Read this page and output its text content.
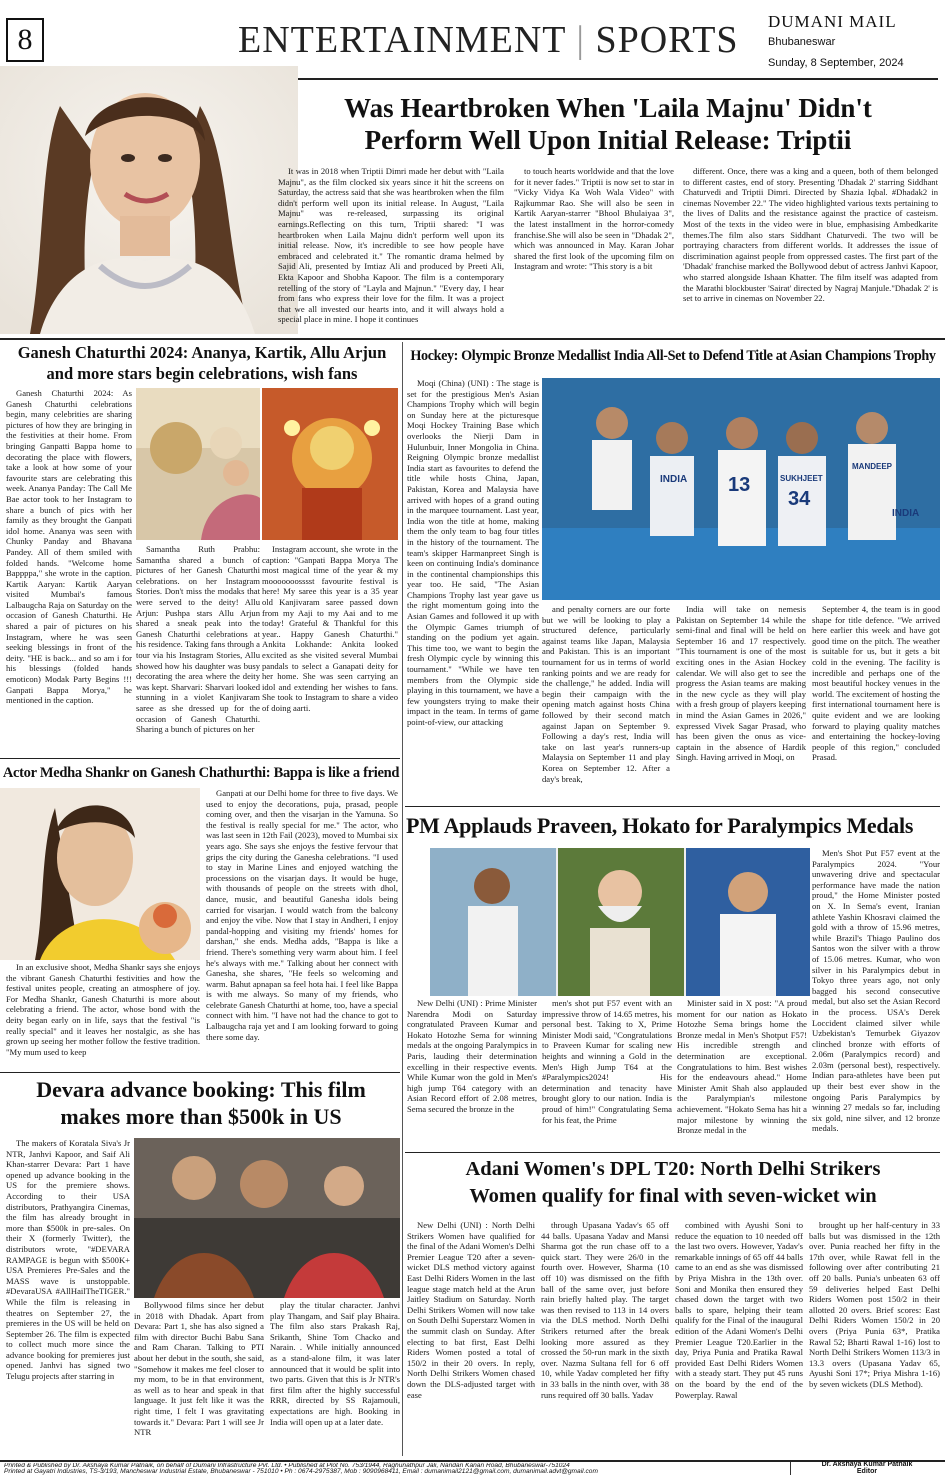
8	ENTERTAINMENT | SPORTS DUMANI MAIL
Bhubaneswar
Sunday, 8 September, 2024
Was Heartbroken When 'Laila Majnu' Didn't
Perform Well Upon Initial Release: Triptii

It was in 2018 when Triptii Dimri made her debut with "Laila Majnu", as the film clocked six years since it hit the screens on Saturday, the actress said that she was heartbroken when the film didn't perform well upon its initial release. In August, "Laila Majnu" was re-released, surpassing its original earnings.Reflecting on this turn, Triptii shared: "I was heartbroken when Laila Majnu didn't perform well upon its initial release. Now, it's incredible to see how people have embraced and celebrated it." The romantic drama helmed by Sajid Ali, presented by Imtiaz Ali and produced by Preeti Ali, Ekta Kapoor and Shobha Kapoor. The film is a contemporary retelling of the story of "Layla and Majnun." "Every day, I hear from fans who express their love for the film. It was a project that we all invested our hearts into, and it will always hold a special place in mine. I hope it continues

to touch hearts worldwide and that the love for it never fades." Triptii is now set to star in "Vicky Vidya Ka Woh Wala Video" with Rajkummar Rao. She will also be seen in Kartik Aaryan-starrer "Bhool Bhulaiyaa 3", the latest installment in the horror-comedy franchise.She will also be seen in "Dhadak 2", which was announced in May. Karan Johar shared the first look of the upcoming film on Instagram and wrote: "This story is a bit

different. Once, there was a king and a queen, both of them belonged to different castes, end of story. Presenting 'Dhadak 2' starring Siddhant Chaturvedi and Triptii Dimri. Directed by Shazia Iqbal. #Dhadak2 in cinemas November 22." The video highlighted various texts pertaining to the lives of Dalits and the resistance against the practice of casteism. Most of the texts in the video were in blue, emphasising Ambedkarite themes.The film also stars Siddhant Chaturvedi. The two will be portraying characters from different worlds. It addresses the issue of discrimination against people from oppressed castes. The first part of the 'Dhadak' franchise marked the Bollywood debut of actress Janhvi Kapoor, who starred alongside Ishaan Khatter. The film itself was adapted from the Marathi blockbuster 'Sairat' directed by Nagraj Manjule."Dhadak 2' is set to arrive in cinemas on November 22.

Ganesh Chaturthi 2024: Ananya, Kartik, Allu Arjun
and more stars begin celebrations, wish fans

Ganesh Chaturthi 2024: As Ganesh Chaturthi celebrations begin, many celebrities are sharing pictures of how they are bringing in the festivities at their home. From bringing Ganpatti Bappa home to decorating the place with flowers, take a look at how some of your favourite stars are celebrating this week. Ananya Panday: The Call Me Bae actor took to her Instagram to share a bunch of pics with her family as they brought the Ganpati idol home. Ananya was seen with Chunky Panday and Bhavana Pandey. All of them smiled with folded hands. "Welcome home Bappppa," she wrote in the caption. Kartik Aaryan: Kartik Aaryan visited Mumbai's famous Lalbaugcha Raja on Saturday on the occasion of Ganesh Chaturthi. He shared a pair of pictures on his Instagram, where he was seen seeking blessings in front of the deity. "HE is back... and so am i for his blessings (folded hands emoticon) Modak Party Begins !!! Ganpati Bappa Morya," he mentioned in the caption.

Samantha Ruth Prabhu: Samantha shared a bunch of pictures of her Ganesh Chaturthi celebrations. on her Instagram Stories. Don't miss the modaks that were served to the deity! Allu Arjun: Pushpa stars Allu Arjun shared a sneak peak into the Ganesh Chaturthi celebrations at his residence. Taking fans through a tour via his Instagram Stories, Allu showed how his daughter was busy decorating the area where the deity was kept. Sharvari: Sharvari looked stunning in a violet Kanjivaram saree as she dressed up for the occasion of Ganesh Chaturthi. Sharing a bunch of pictures on her

Instagram account, she wrote in the caption: "Ganpati Bappa Morya The most magical time of the year & my mooooooosssst favourite festival is here! My saree this year is a 35 year old Kanjivaram saree passed down from my Aaji to my Aai and to me today! Grateful & Thankful for this year.. Happy Ganesh Chaturthi." Ankita Lokhande: Ankita looked excited as she visited several Mumbai pandals to select a Ganapati deity for her home. She was seen carrying an idol and extending her wishes to fans. She took to Instagram to share a video of doing aarti.

Actor Medha Shankr on Ganesh Chathurthi: Bappa is like a friend

In an exclusive shoot, Medha Shankr says she enjoys the vibrant Ganesh Chaturthi festivities and how the festival unites people, creating an atmosphere of joy. For Medha Shankr, Ganesh Chaturthi is more about celebrating a friend. The actor, whose bond with the deity began early on in life, says that the festival "is really special" and it leaves her nostalgic, as she has grown up seeing her mother follow the festive tradition. "My mum used to keep

Ganpati at our Delhi home for three to five days. We used to enjoy the decorations, puja, prasad, people coming over, and then the visarjan in the Yamuna. So the festival is really special for me." The actor, who was last seen in 12th Fail (2023), moved to Mumbai six years ago. She says she enjoys the festive fervour that grips the city during the Ganesha celebrations. "I used to stay in Marine Lines and enjoyed watching the processions on the visarjan days. It would be huge, with thousands of people on the streets with dhol, dance, music, and beautiful Ganesha idols being carried for visarjan. I would watch from the balcony and enjoy the vibe. Now that I stay in Andheri, I enjoy pandal-hopping and visiting my friends' homes for darshan," she ends. Medha adds, "Bappa is like a friend. There's something very warm about him. I feel he's always with me." Talking about her connect with Ganesha, she shares, "He feels so welcoming and warm. Bahut apnapan sa feel hota hai. I feel like Bappa is with me always. So many of my friends, who celebrate Ganesh Chaturthi at home, too, have a special connect with him. "I have not had the chance to got to Lalbaugcha raja yet and I am looking forward to going there some day.

Devara advance booking: This film
makes more than $500k in US

The makers of Koratala Siva's Jr NTR, Janhvi Kapoor, and Saif Ali Khan-starrer Devara: Part 1 have opened up advance booking in the US for the premiere shows. According to their USA distributors, Prathyangira Cinemas, the film has already brought in more than $500k in pre-sales. On their X (formerly Twitter), the distributors wrote, "#DEVARA RAMPAGE is begun with $500K+ USA Premieres Pre-Sales and the MASS wave is unstoppable. #DevaraUSA #AllHailTheTIGER." While the film is releasing in theatres on September 27, the premieres in the US will be held on September 26. The film is expected to collect much more since the advance booking for premieres just opened. Janhvi has signed two Telugu projects after starring in

Bollywood films since her debut in 2018 with Dhadak. Apart from Devara: Part 1, she has also signed a film with director Buchi Babu Sana and Ram Charan. Talking to PTI about her debut in the south, she said, "Somehow it makes me feel closer to my mom, to be in that environment, as well as to hear and speak in that language. It just felt like it was the right time, I felt I was gravitating towards it." Devara: Part 1 will see Jr NTR

play the titular character. Janhvi play Thangam, and Saif play Bhaira. The film also stars Prakash Raj, Srikanth, Shine Tom Chacko and Narain. . While initially announced as a stand-alone film, it was later announced that it would be split into two parts. Given that this is Jr NTR's first film after the highly successful RRR, directed by SS Rajamouli, expectations are high. Booking in India will open up at a later date.

Hockey: Olympic Bronze Medallist India All-Set to Defend Title at Asian Champions Trophy

Moqi (China) (UNI) : The stage is set for the prestigious Men's Asian Champions Trophy which will begin on Sunday here at the picturesque Moqi Hockey Training Base which overlooks the Nierji Dam in Hulunbuir, Inner Mongolia in China. Reigning Olympic bronze medallist India start as favourites to defend the title while hosts China, Japan, Pakistan, Korea and Malaysia have arrived with hopes of a grand outing in the marquee tournament. Last year, India won the title at home, making them the only team to bag four titles in the history of the tournament. The team's skipper Harmanpreet Singh is keen on continuing India's dominance in the continental championships this year too. He said, "The Asian Champions Trophy last year gave us the right momentum going into the Asian Games and followed it up with the Olympic Games triumph of standing on the podium yet again. This time too, we want to begin the fresh Olympic cycle by winning this tournament." "While we have ten members from the Olympic side playing in this tournament, we have a few youngsters trying to make their impact in the team. In terms of game point-of-view, our attacking

INDIA 13	SUKHJEET
34
MANDEEP
INDIA

and penalty corners are our forte but we will be looking to play a structured defence, particularly against teams like Japan, Malaysia and Pakistan. This is an important tournament for us in terms of world ranking points and we are ready for the challenge," he added. India will begin their campaign with the opening match against hosts China followed by their second match against Japan on September 9. Following a day's rest, India will take on last year's runners-up Malaysia on September 11 and play Korea on September 12. After a day's break,

India will take on nemesis Pakistan on September 14 while the semi-final and final will be held on September 16 and 17 respectively. "This tournament is one of the most exciting ones in the Asian Hockey calendar. We will also get to see the progress the Asian teams are making in the new cycle as they will play with a fresh group of players keeping in mind the Asian Games in 2026," expressed Vivek Sagar Prasad, who has been given the onus as vice-captain in the absence of Hardik Singh. Having arrived in Moqi, on

September 4, the team is in good shape for title defence. "We arrived here earlier this week and have got good time on the pitch. The weather is suitable for us, but it gets a bit cold in the evening. The facility is incredible and perhaps one of the most beautiful hockey venues in the world. The excitement of hosting the first international tournament here is quite evident and we are looking forward to playing quality matches and entertaining the hockey-loving people of this region," concluded Prasad.

PM Applauds Praveen, Hokato for Paralympics Medals

New Delhi (UNI) : Prime Minister Narendra Modi on Saturday congratulated Praveen Kumar and Hokato Hotozhe Sema for winning medals at the ongoing Paralympics in Paris, lauding their determination excelling in their respective events. While Kumar won the gold in Men's high jump T64 category with an Asian Record effort of 2.08 metres, Sema secured the bronze in the

men's shot put F57 event with an impressive throw of 14.65 metres, his personal best. Taking to X, Prime Minister Modi said, "Congratulations to Praveen Kumar for scaling new heights and winning a Gold in the Men's High Jump T64 at the #Paralympics2024! His determination and tenacity have brought glory to our nation. India is proud of him!" Congratulating Sema for his feat, the Prime

Minister said in X post: "A proud moment for our nation as Hokato Hotozhe Sema brings home the Bronze medal in Men's Shotput F57! His incredible strength and determination are exceptional. Congratulations to him. Best wishes for the endeavours ahead." Home Minister Amit Shah also applauded the Paralympian's milestone achievement. "Hokato Sema has hit a major milestone by winning the Bronze medal in the

Men's Shot Put F57 event at the Paralympics 2024. "Your unwavering drive and spectacular performance have made the nation proud," the Home Minister posted on X. In Sema's event, Iranian athlete Yashin Khosravi claimed the gold with a throw of 15.96 metres, while Brazil's Thiago Paulino dos Santos won the silver with a throw of 15.06 metres. Kumar, who won silver in his Paralympics debut in Tokyo three years ago, not only bagged his second consecutive medal, but also set the Asian Record in the process. USA's Derek Loccident claimed silver while Uzbekistan's Temurbek Giyazov clinched bronze with efforts of 2.06m (Paralympics record) and 2.03m (personal best), respectively. Indian para-athletes have been put up their best ever show in the ongoing Paris Paralympics by winning 27 medals so far, including six gold, nine silver, and 12 bronze medals.

Adani Women's DPL T20: North Delhi Strikers
Women qualify for final with seven-wicket win

New Delhi (UNI) : North Delhi Strikers Women have qualified for the final of the Adani Women's Delhi Premier League T20 after a seven-wicket DLS method victory against East Delhi Riders Women in the last league stage match held at the Arun Jaitley Stadium on Saturday. North Delhi Strikers Women will now take on South Delhi Superstarz Women in the summit clash on Sunday. After electing to bat first, East Delhi Riders Women posted a total of 150/2 in their 20 overs. In reply, North Delhi Strikers Women chased down the DLS-adjusted target with ease

through Upasana Yadav's 65 off 44 balls. Upasana Yadav and Mansi Sharma got the run chase off to a quick start. They were 26/0 in the fourth over. However, Sharma (10 off 10) was dismissed on the fifth ball of the same over, just before rain briefly halted play. The target was then revised to 113 in 14 overs via the DLS method. North Delhi Strikers returned after the break looking more assured as they crossed the 50-run mark in the sixth over. Nazma Sultana fell for 6 off 10, while Yadav completed her fifty in 33 balls in the ninth over, with 38 runs required off 30 balls. Yadav

combined with Ayushi Soni to reduce the equation to 10 needed off the last two overs. However, Yadav's remarkable innings of 65 off 44 balls came to an end as she was dismissed by Priya Mishra in the 13th over. Soni and Monika then ensured they chased down the target with two balls to spare, helping their team qualify for the Final of the inaugural edition of the Adani Women's Delhi Premier League T20.Earlier in the day, Priya Punia and Pratika Rawal provided East Delhi Riders Women with a steady start. They put 45 runs on the board by the end of the Powerplay. Rawal

brought up her half-century in 33 balls but was dismissed in the 12th over. Punia reached her fifty in the 17th over, while Rawat fell in the following over after contributing 21 off 20 balls. Punia's unbeaten 63 off 59 deliveries helped East Delhi Riders Women post 150/2 in their allotted 20 overs. Brief scores: East Delhi Riders Women 150/2 in 20 overs (Priya Punia 63*, Pratika Rawal 52; Bharti Rawal 1-16) lost to North Delhi Strikers Women 113/3 in 13.3 overs (Upasana Yadav 65, Ayushi Soni 17*; Priya Mishra 1-16) by seven wickets (DLS Method).

Printed & Published by Dr. Akshaya Kumar Patnaik, on behalf of Dumani Infrastructure Pvt. Ltd. • Published at Plot No. 753/1944, Raghunathpur Jali, Nandan Kanan Road, Bhubaneswar-751024
Printed at Gayatri Industries, TS-3/193, Mancheswar Industrial Estate, Bhubaneswar - 751010 • Ph : 0674-2975387, Mob : 9090968411, Email : dumanimail2121@gmail.com, dumanimail.advt@gmail.com
Dr. Akshaya Kumar Patnaik
Editor
